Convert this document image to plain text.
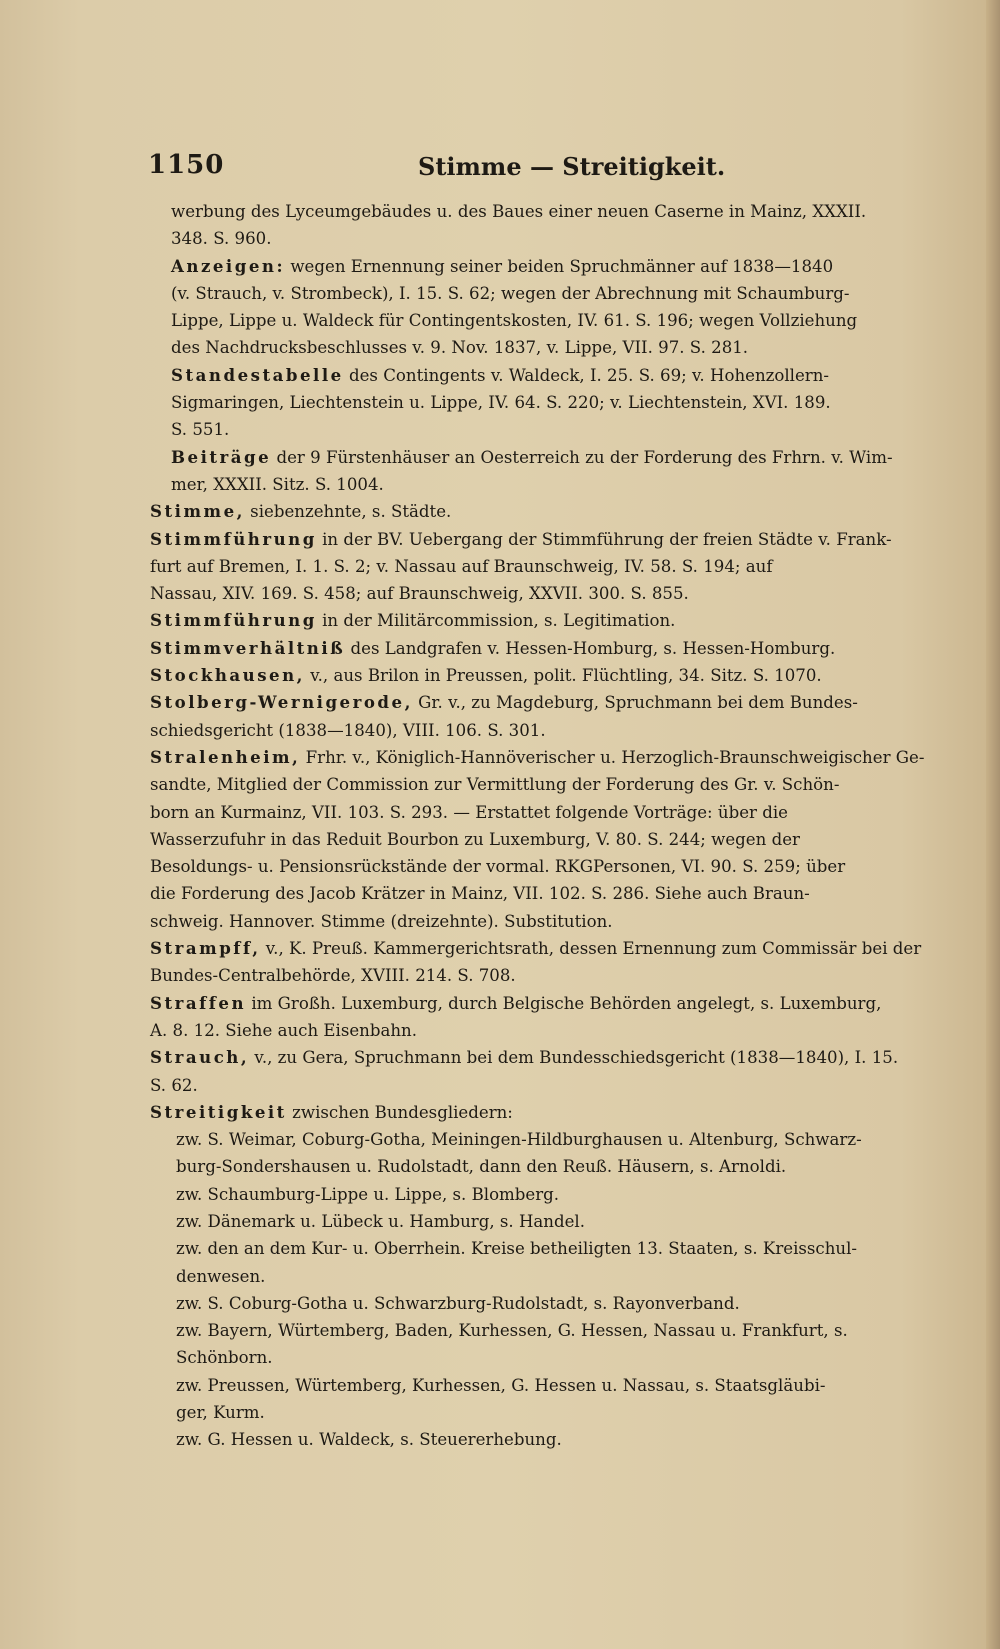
1150	Stimme — Streitigkeit.
werbung des Lyceumgebäudes u. des Baues einer neuen Caserne in Mainz, XXXII.
348. S. 960.
Anzeigen: wegen Ernennung seiner beiden Spruchmänner auf 1838—1840
(v. Strauch, v. Strombeck), I. 15. S. 62; wegen der Abrechnung mit Schaumburg-
Lippe, Lippe u. Waldeck für Contingentskosten, IV. 61. S. 196; wegen Vollziehung
des Nachdrucksbeschlusses v. 9. Nov. 1837, v. Lippe, VII. 97. S. 281.
Standestabelle des Contingents v. Waldeck, I. 25. S. 69; v. Hohenzollern-
Sigmaringen, Liechtenstein u. Lippe, IV. 64. S. 220; v. Liechtenstein, XVI. 189.
S. 551.
Beiträge der 9 Fürstenhäuser an Oesterreich zu der Forderung des Frhrn. v. Wim-
mer, XXXII. Sitz. S. 1004.
Stimme, siebenzehnte, s. Städte.
Stimmführung in der BV. Uebergang der Stimmführung der freien Städte v. Frank-
furt auf Bremen, I. 1. S. 2; v. Nassau auf Braunschweig, IV. 58. S. 194; auf
Nassau, XIV. 169. S. 458; auf Braunschweig, XXVII. 300. S. 855.
Stimmführung in der Militärcommission, s. Legitimation.
Stimmverhältniß des Landgrafen v. Hessen-Homburg, s. Hessen-Homburg.
Stockhausen, v., aus Brilon in Preussen, polit. Flüchtling, 34. Sitz. S. 1070.
Stolberg-Wernigerode, Gr. v., zu Magdeburg, Spruchmann bei dem Bundes-
schiedsgericht (1838—1840), VIII. 106. S. 301.
Stralenheim, Frhr. v., Königlich-Hannöverischer u. Herzoglich-Braunschweigischer Ge-
sandte, Mitglied der Commission zur Vermittlung der Forderung des Gr. v. Schön-
born an Kurmainz, VII. 103. S. 293. — Erstattet folgende Vorträge: über die
Wasserzufuhr in das Reduit Bourbon zu Luxemburg, V. 80. S. 244; wegen der
Besoldungs- u. Pensionsrückstände der vormal. RKGPersonen, VI. 90. S. 259; über
die Forderung des Jacob Krätzer in Mainz, VII. 102. S. 286. Siehe auch Braun-
schweig. Hannover. Stimme (dreizehnte). Substitution.
Strampff, v., K. Preuß. Kammergerichtsrath, dessen Ernennung zum Commissär bei der
Bundes-Centralbehörde, XVIII. 214. S. 708.
Straffen im Großh. Luxemburg, durch Belgische Behörden angelegt, s. Luxemburg,
A. 8. 12. Siehe auch Eisenbahn.
Strauch, v., zu Gera, Spruchmann bei dem Bundesschiedsgericht (1838—1840), I. 15.
S. 62.
Streitigkeit zwischen Bundesgliedern:
zw. S. Weimar, Coburg-Gotha, Meiningen-Hildburghausen u. Altenburg, Schwarz-
burg-Sondershausen u. Rudolstadt, dann den Reuß. Häusern, s. Arnoldi.
zw. Schaumburg-Lippe u. Lippe, s. Blomberg.
zw. Dänemark u. Lübeck u. Hamburg, s. Handel.
zw. den an dem Kur- u. Oberrhein. Kreise betheiligten 13. Staaten, s. Kreisschul-
denwesen.
zw. S. Coburg-Gotha u. Schwarzburg-Rudolstadt, s. Rayonverband.
zw. Bayern, Würtemberg, Baden, Kurhessen, G. Hessen, Nassau u. Frankfurt, s.
Schönborn.
zw. Preussen, Würtemberg, Kurhessen, G. Hessen u. Nassau, s. Staatsgläubi-
ger, Kurm.
zw. G. Hessen u. Waldeck, s. Steuererhebung.
